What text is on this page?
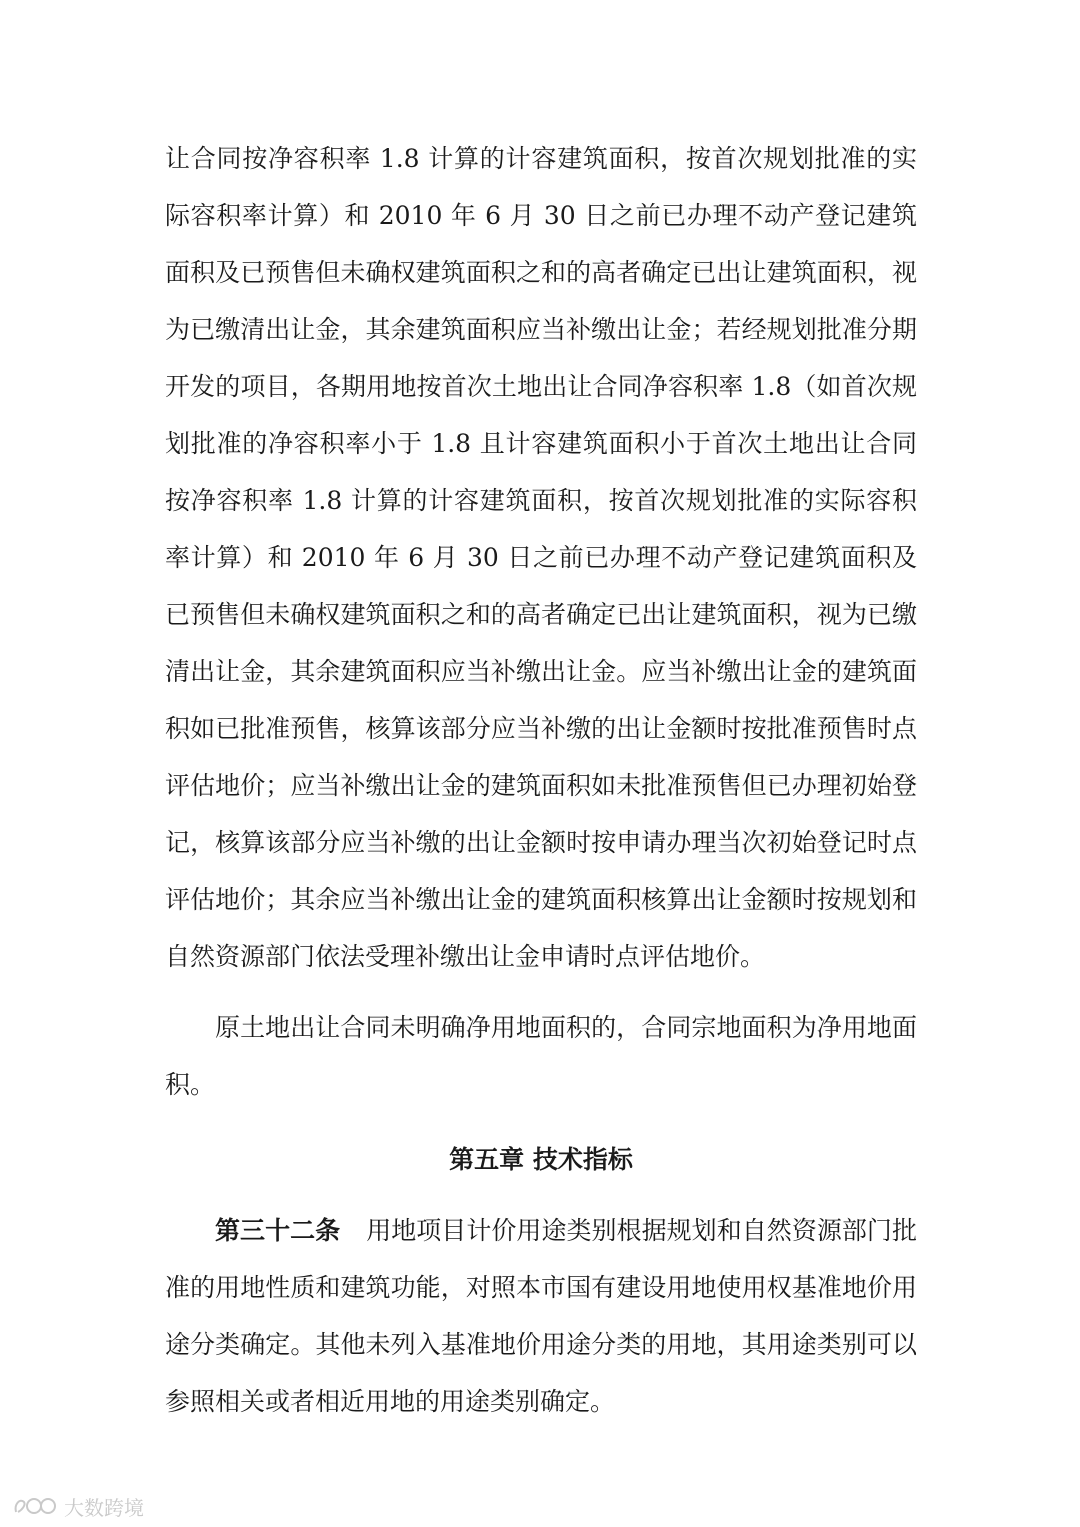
让合同按净容积率 1.8 计算的计容建筑面积，按首次规划批准的实际容积率计算）和 2010 年 6 月 30 日之前已办理不动产登记建筑面积及已预售但未确权建筑面积之和的高者确定已出让建筑面积，视为已缴清出让金，其余建筑面积应当补缴出让金；若经规划批准分期开发的项目，各期用地按首次土地出让合同净容积率 1.8（如首次规划批准的净容积率小于 1.8 且计容建筑面积小于首次土地出让合同按净容积率 1.8 计算的计容建筑面积，按首次规划批准的实际容积率计算）和 2010 年 6 月 30 日之前已办理不动产登记建筑面积及已预售但未确权建筑面积之和的高者确定已出让建筑面积，视为已缴清出让金，其余建筑面积应当补缴出让金。应当补缴出让金的建筑面积如已批准预售，核算该部分应当补缴的出让金额时按批准预售时点评估地价；应当补缴出让金的建筑面积如未批准预售但已办理初始登记，核算该部分应当补缴的出让金额时按申请办理当次初始登记时点评估地价；其余应当补缴出让金的建筑面积核算出让金额时按规划和自然资源部门依法受理补缴出让金申请时点评估地价。

原土地出让合同未明确净用地面积的，合同宗地面积为净用地面积。

第五章 技术指标

第三十二条 用地项目计价用途类别根据规划和自然资源部门批准的用地性质和建筑功能，对照本市国有建设用地使用权基准地价用途分类确定。其他未列入基准地价用途分类的用地，其用途类别可以参照相关或者相近用地的用途类别确定。

大数跨境
